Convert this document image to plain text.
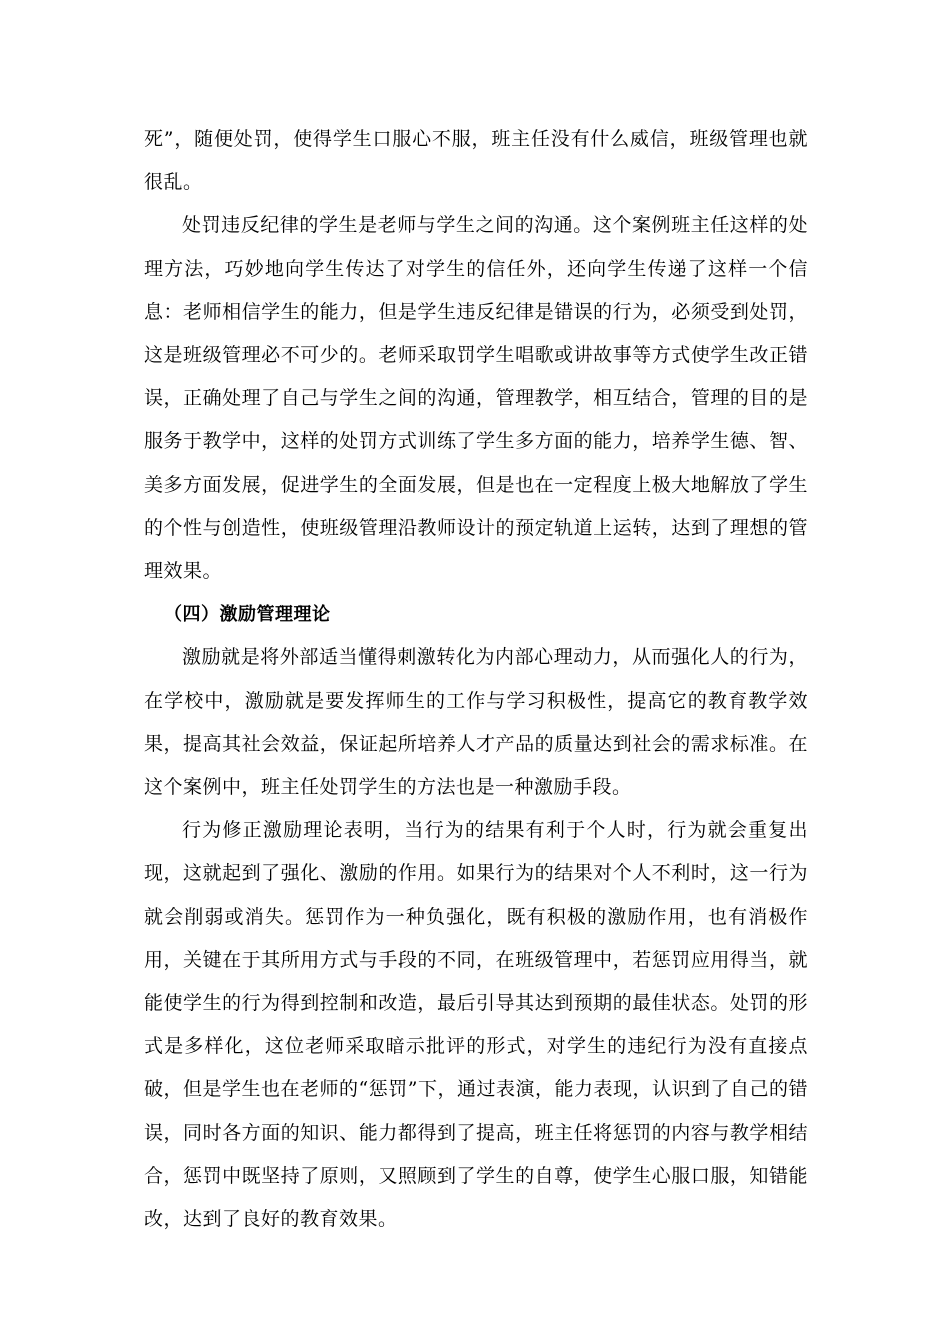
死”，随便处罚，使得学生口服心不服，班主任没有什么威信，班级管理也就很乱。

处罚违反纪律的学生是老师与学生之间的沟通。这个案例班主任这样的处理方法，巧妙地向学生传达了对学生的信任外，还向学生传递了这样一个信息：老师相信学生的能力，但是学生违反纪律是错误的行为，必须受到处罚，这是班级管理必不可少的。老师采取罚学生唱歌或讲故事等方式使学生改正错误，正确处理了自己与学生之间的沟通，管理教学，相互结合，管理的目的是服务于教学中，这样的处罚方式训练了学生多方面的能力，培养学生德、智、美多方面发展，促进学生的全面发展，但是也在一定程度上极大地解放了学生的个性与创造性，使班级管理沿教师设计的预定轨道上运转，达到了理想的管理效果。

（四）激励管理理论

激励就是将外部适当懂得刺激转化为内部心理动力，从而强化人的行为，在学校中，激励就是要发挥师生的工作与学习积极性，提高它的教育教学效果，提高其社会效益，保证起所培养人才产品的质量达到社会的需求标准。在这个案例中，班主任处罚学生的方法也是一种激励手段。

行为修正激励理论表明，当行为的结果有利于个人时，行为就会重复出现，这就起到了强化、激励的作用。如果行为的结果对个人不利时，这一行为就会削弱或消失。惩罚作为一种负强化，既有积极的激励作用，也有消极作用，关键在于其所用方式与手段的不同，在班级管理中，若惩罚应用得当，就能使学生的行为得到控制和改造，最后引导其达到预期的最佳状态。处罚的形式是多样化，这位老师采取暗示批评的形式，对学生的违纪行为没有直接点破，但是学生也在老师的“惩罚”下，通过表演，能力表现，认识到了自己的错误，同时各方面的知识、能力都得到了提高，班主任将惩罚的内容与教学相结合，惩罚中既坚持了原则，又照顾到了学生的自尊，使学生心服口服，知错能改，达到了良好的教育效果。
